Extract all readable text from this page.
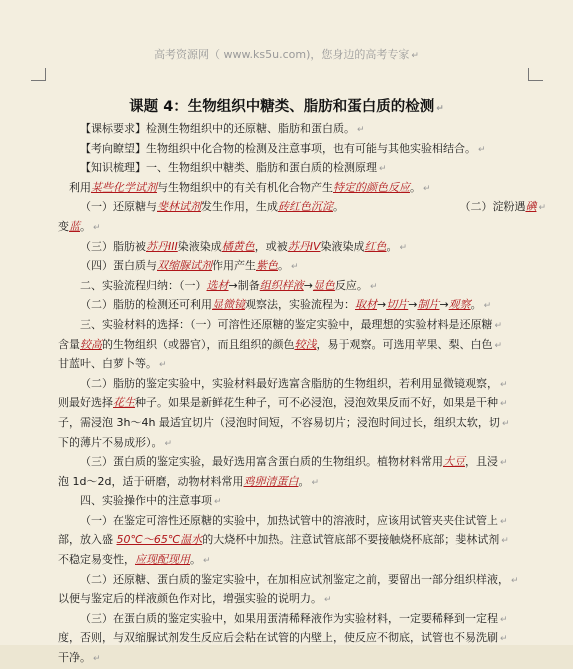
高考资源网（ www.ks5u.com)，您身边的高考专家 ↵
课题 4：生物组织中糖类、脂肪和蛋白质的检测 ↵

【课标要求】检测生物组织中的还原糖、脂肪和蛋白质。 ↵

【考向瞭望】生物组织中化合物的检测及注意事项，也有可能与其他实验相结合。 ↵

【知识梳理】一、生物组织中糖类、脂肪和蛋白质的检测原理 ↵

　利用某些化学试剂与生物组织中的有关有机化合物产生特定的颜色反应。 ↵

（二）淀粉遇碘 ↵
（一）还原糖与斐林试剂发生作用，生成砖红色沉淀。

变蓝。 ↵

（三）脂肪被苏丹III染液染成橘黄色，或被苏丹IV染液染成红色。 ↵

（四）蛋白质与双缩脲试剂作用产生紫色。 ↵

二、实验流程归纳：（一）选材→制备组织样液→显色反应。 ↵

（二）脂肪的检测还可利用显微镜观察法，实验流程为：取材→切片→制片→观察。 ↵

三、实验材料的选择：（一）可溶性还原糖的鉴定实验中，最理想的实验材料是还原糖 ↵

含量较高的生物组织（或器官），而且组织的颜色较浅，易于观察。可选用苹果、梨、白色 ↵

甘蓝叶、白萝卜等。 ↵

（二）脂肪的鉴定实验中，实验材料最好选富含脂肪的生物组织，若利用显微镜观察， ↵

则最好选择花生种子。如果是新鲜花生种子，可不必浸泡，浸泡效果反而不好，如果是干种 ↵

子，需浸泡 3h～4h 最适宜切片（浸泡时间短，不容易切片；浸泡时间过长，组织太软，切 ↵

下的薄片不易成形）。 ↵

（三）蛋白质的鉴定实验，最好选用富含蛋白质的生物组织。植物材料常用大豆，且浸 ↵

泡 1d～2d，适于研磨，动物材料常用鸡卵清蛋白。 ↵

四、实验操作中的注意事项 ↵

（一）在鉴定可溶性还原糖的实验中，加热试管中的溶液时，应该用试管夹夹住试管上 ↵

部，放入盛 50℃～65℃温水的大烧杯中加热。注意试管底部不要接触烧杯底部；斐林试剂 ↵

不稳定易变性，应现配现用。 ↵

（二）还原糖、蛋白质的鉴定实验中，在加相应试剂鉴定之前，要留出一部分组织样液， ↵

以便与鉴定后的样液颜色作对比，增强实验的说明力。 ↵

（三）在蛋白质的鉴定实验中，如果用蛋清稀释液作为实验材料，一定要稀释到一定程 ↵

度，否则，与双缩脲试剂发生反应后会粘在试管的内壁上，使反应不彻底，试管也不易洗刷 ↵

干净。 ↵
